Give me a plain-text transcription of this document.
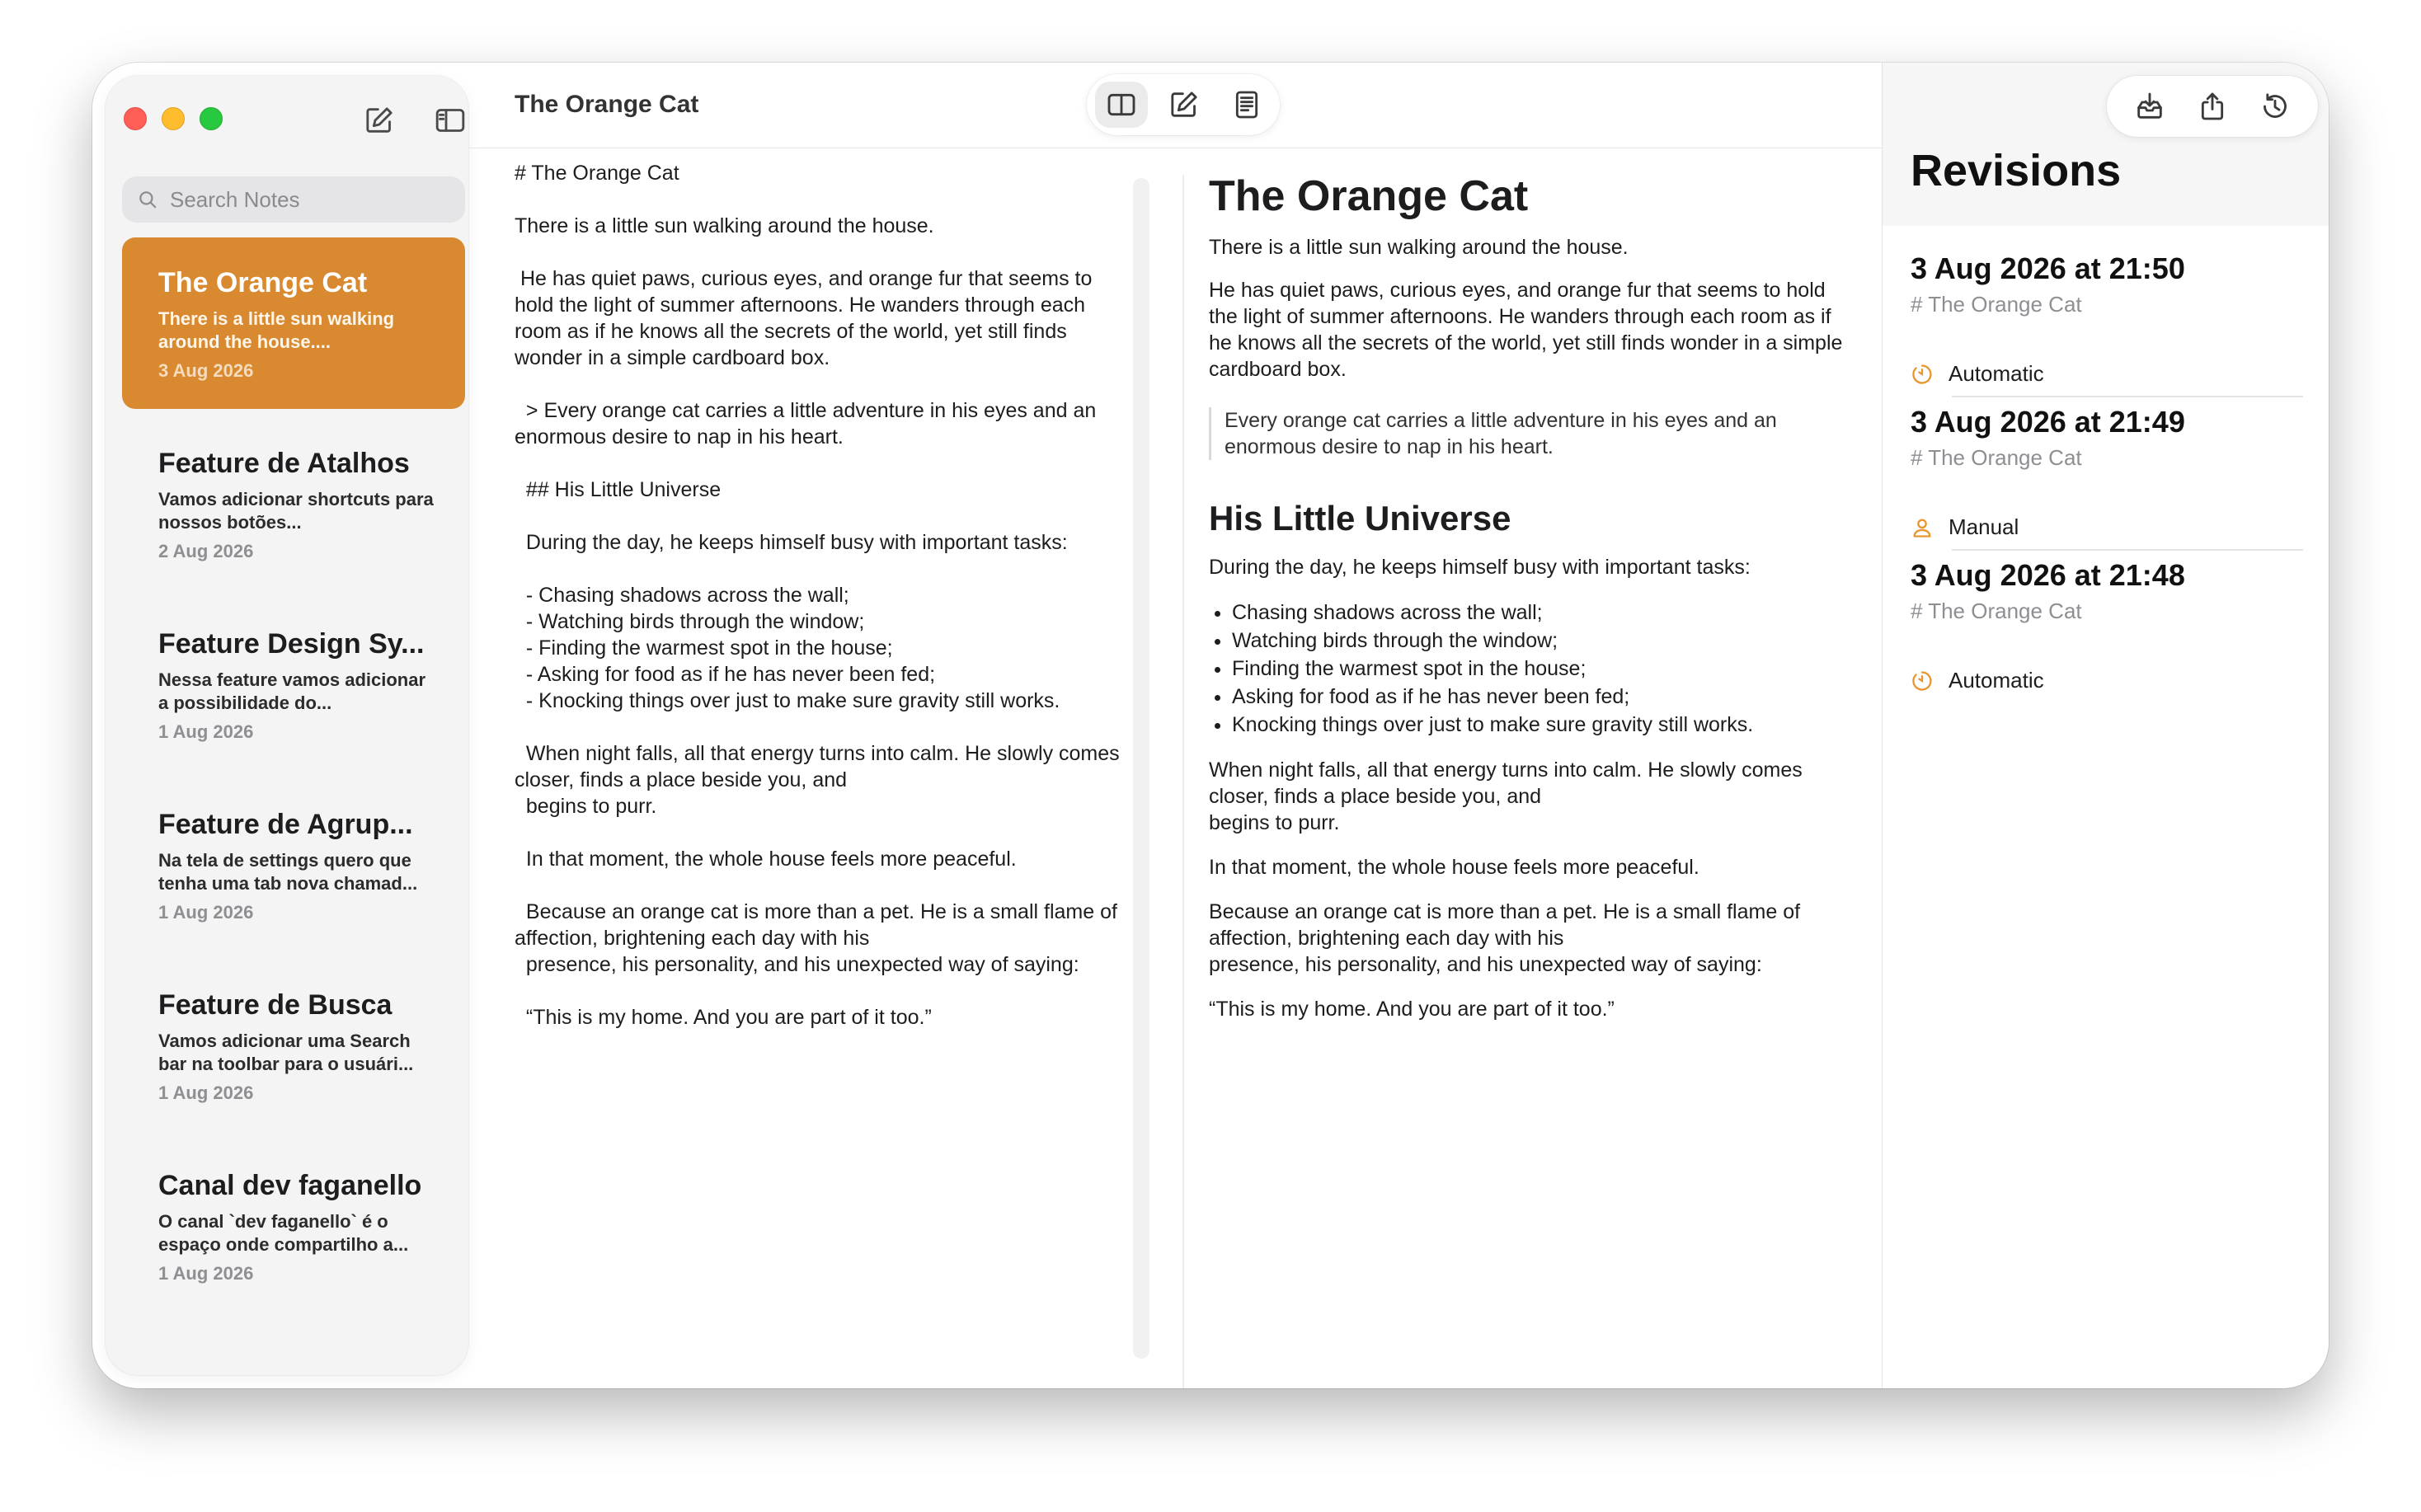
Search Notes
The Orange Cat
There is a little sun walking around the house....
3 Aug 2026
Feature de Atalhos
Vamos adicionar shortcuts para nossos botões...
2 Aug 2026
Feature Design Sy...
Nessa feature vamos adicionar a possibilidade do...
1 Aug 2026
Feature de Agrup...
Na tela de settings quero que tenha uma tab nova chamad...
1 Aug 2026
Feature de Busca
Vamos adicionar uma Search bar na toolbar para o usuári...
1 Aug 2026
Canal dev faganello
O canal `dev faganello` é o espaço onde compartilho a...
1 Aug 2026
The Orange Cat
# The Orange Cat
There is a little sun walking around the house.
He has quiet paws, curious eyes, and orange fur that seems to hold the light of summer afternoons. He wanders through each room as if he knows all the secrets of the world, yet still finds wonder in a simple cardboard box.
> Every orange cat carries a little adventure in his eyes and an enormous desire to nap in his heart.
## His Little Universe
During the day, he keeps himself busy with important tasks:
- Chasing shadows across the wall;
- Watching birds through the window;
- Finding the warmest spot in the house;
- Asking for food as if he has never been fed;
- Knocking things over just to make sure gravity still works.
When night falls, all that energy turns into calm. He slowly comes closer, finds a place beside you, and
begins to purr.
In that moment, the whole house feels more peaceful.
Because an orange cat is more than a pet. He is a small flame of affection, brightening each day with his
presence, his personality, and his unexpected way of saying:
“This is my home. And you are part of it too.”
The Orange Cat
There is a little sun walking around the house.
He has quiet paws, curious eyes, and orange fur that seems to hold the light of summer afternoons. He wanders through each room as if he knows all the secrets of the world, yet still finds wonder in a simple cardboard box.
Every orange cat carries a little adventure in his eyes and an enormous desire to nap in his heart.
His Little Universe
During the day, he keeps himself busy with important tasks:
• Chasing shadows across the wall;
• Watching birds through the window;
• Finding the warmest spot in the house;
• Asking for food as if he has never been fed;
• Knocking things over just to make sure gravity still works.
When night falls, all that energy turns into calm. He slowly comes closer, finds a place beside you, and
begins to purr.
In that moment, the whole house feels more peaceful.
Because an orange cat is more than a pet. He is a small flame of affection, brightening each day with his
presence, his personality, and his unexpected way of saying:
“This is my home. And you are part of it too.”
Revisions
3 Aug 2026 at 21:50
# The Orange Cat
Automatic
3 Aug 2026 at 21:49
# The Orange Cat
Manual
3 Aug 2026 at 21:48
# The Orange Cat
Automatic
